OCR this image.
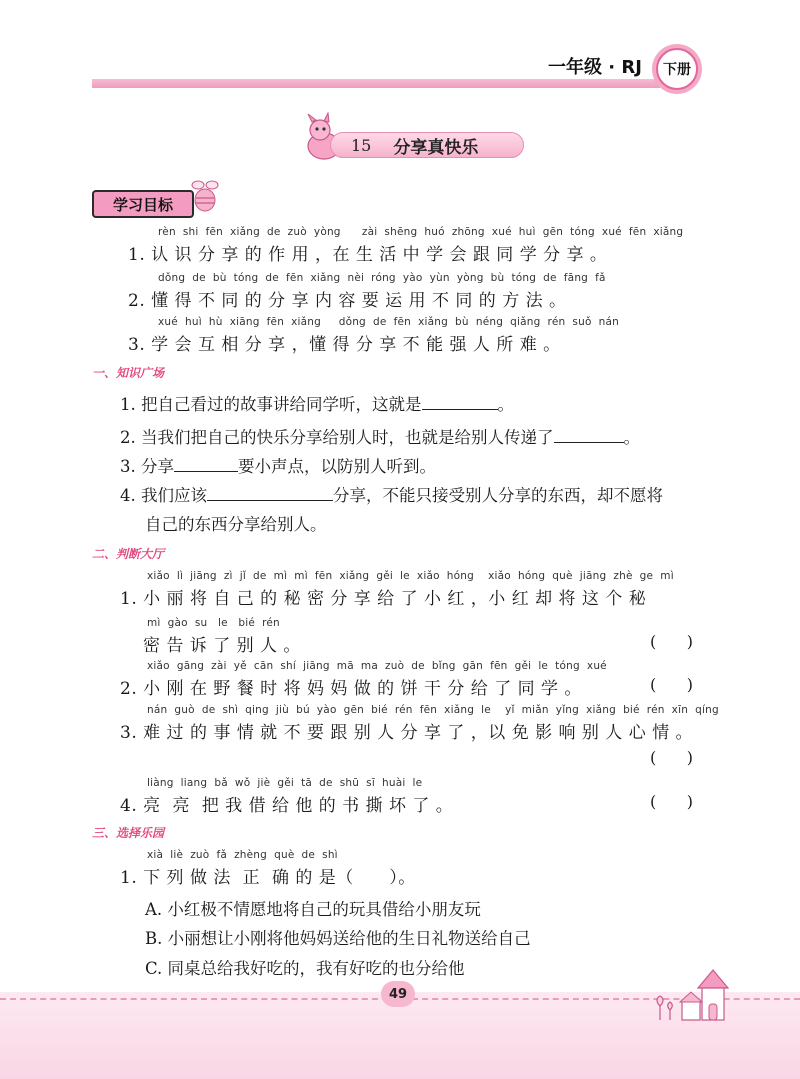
一年级 · RJ	下册
15 分享真快乐
学习目标
rèn  shi  fēn  xiǎng  de  zuò  yòng      zài  shēng  huó  zhōng  xué  huì  gēn  tóng  xué  fēn  xiǎng
1. 认 识 分 享 的 作 用 ，在 生 活 中 学 会 跟 同 学 分 享 。
dǒng  de  bù  tóng  de  fēn  xiǎng  nèi  róng  yào  yùn  yòng  bù  tóng  de  fāng  fǎ
2. 懂 得 不 同 的 分 享 内 容 要 运 用 不 同 的 方 法 。
xué  huì  hù  xiāng  fēn  xiǎng     dǒng  de  fēn  xiǎng  bù  néng  qiǎng  rén  suǒ  nán
3. 学 会 互 相 分 享 ，懂 得 分 享 不 能 强 人 所 难 。
一、知识广场
1. 把自己看过的故事讲给同学听，这就是	。
2. 当我们把自己的快乐分享给别人时，也就是给别人传递了	。
3. 分享	要小声点，以防别人听到。
4. 我们应该	分享，不能只接受别人分享的东西，却不愿将
自己的东西分享给别人。
二、判断大厅
xiǎo  lì  jiāng  zì  jǐ  de  mì  mì  fēn  xiǎng  gěi  le  xiǎo  hóng    xiǎo  hóng  què  jiāng  zhè  ge  mì
1. 小 丽 将 自 己 的 秘 密 分 享 给 了 小 红 ，小 红 却 将 这 个 秘
mì  gào  su   le   bié  rén
密 告 诉 了 别 人 。	(      )
xiǎo  gāng  zài  yě  cān  shí  jiāng  mā  ma  zuò  de  bǐng  gān  fēn  gěi  le  tóng  xué
2. 小 刚 在 野 餐 时 将 妈 妈 做 的 饼 干 分 给 了 同 学 。	(      )
nán  guò  de  shì  qing  jiù  bú  yào  gēn  bié  rén  fēn  xiǎng  le    yǐ  miǎn  yǐng  xiǎng  bié  rén  xīn  qíng
3. 难 过 的 事 情 就 不 要 跟 别 人 分 享 了 ，以 免 影 响 别 人 心 情 。
(      )
liàng  liang  bǎ  wǒ  jiè  gěi  tā  de  shū  sī  huài  le
4. 亮  亮  把 我 借 给 他 的 书 撕 坏 了 。	(      )
三、选择乐园
xià  liè  zuò  fǎ  zhèng  què  de  shì
1. 下 列 做 法  正  确 的 是（      ）。
A. 小红极不情愿地将自己的玩具借给小朋友玩
B. 小丽想让小刚将他妈妈送给他的生日礼物送给自己
C. 同桌总给我好吃的，我有好吃的也分给他
49
